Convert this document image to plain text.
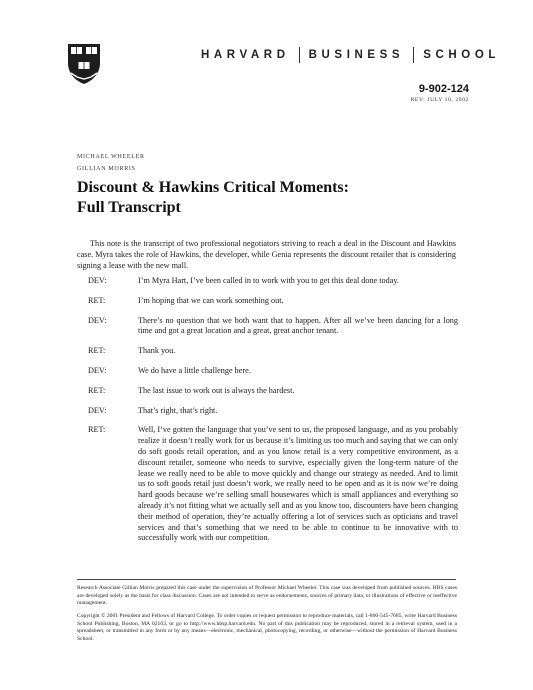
HARVARD BUSINESS SCHOOL
9-902-124
REV: JULY 10, 2002
MICHAEL WHEELER
GILLIAN MORRIS
Discount & Hawkins Critical Moments:
Full Transcript

This note is the transcript of two professional negotiators striving to reach a deal in the Discount and Hawkins case. Myra takes the role of Hawkins, the developer, while Genia represents the discount retailer that is considering signing a lease with the new mall.

DEV:	I’m Myra Hart, I’ve been called in to work with you to get this deal done today.
RET:	I’m hoping that we can work something out.
DEV:	There’s no question that we both want that to happen. After all we’ve been dancing for a long time and got a great location and a great, great anchor tenant.
RET:	Thank you.
DEV:	We do have a little challenge here.
RET:	The last issue to work out is always the hardest.
DEV:	That’s right, that’s right.
RET:	Well, I’ve gotten the language that you’ve sent to us, the proposed language, and as you probably realize it doesn’t really work for us because it’s limiting us too much and saying that we can only do soft goods retail operation, and as you know retail is a very competitive environment, as a discount retailer, someone who needs to survive, especially given the long-term nature of the lease we really need to be able to move quickly and change our strategy as needed. And to limit us to soft goods retail just doesn’t work, we really need to be open and as it is now we’re doing hard goods because we’re selling small housewares which is small appliances and everything so already it’s not fitting what we actually sell and as you know too, discounters have been changing their method of operation, they’re actually offering a lot of services such as opticians and travel services and that’s something that we need to be able to continue to be innovative with to successfully work with our competition.

Research Associate Gillian Morris prepared this case under the supervision of Professor Michael Wheeler. This case was developed from published sources. HBS cases are developed solely as the basis for class discussion. Cases are not intended to serve as endorsements, sources of primary data, or illustrations of effective or ineffective management.

Copyright © 2001 President and Fellows of Harvard College. To order copies or request permission to reproduce materials, call 1-800-545-7685, write Harvard Business School Publishing, Boston, MA 02163, or go to http://www.hbsp.harvard.edu. No part of this publication may be reproduced, stored in a retrieval system, used in a spreadsheet, or transmitted in any form or by any means—electronic, mechanical, photocopying, recording, or otherwise—without the permission of Harvard Business School.
